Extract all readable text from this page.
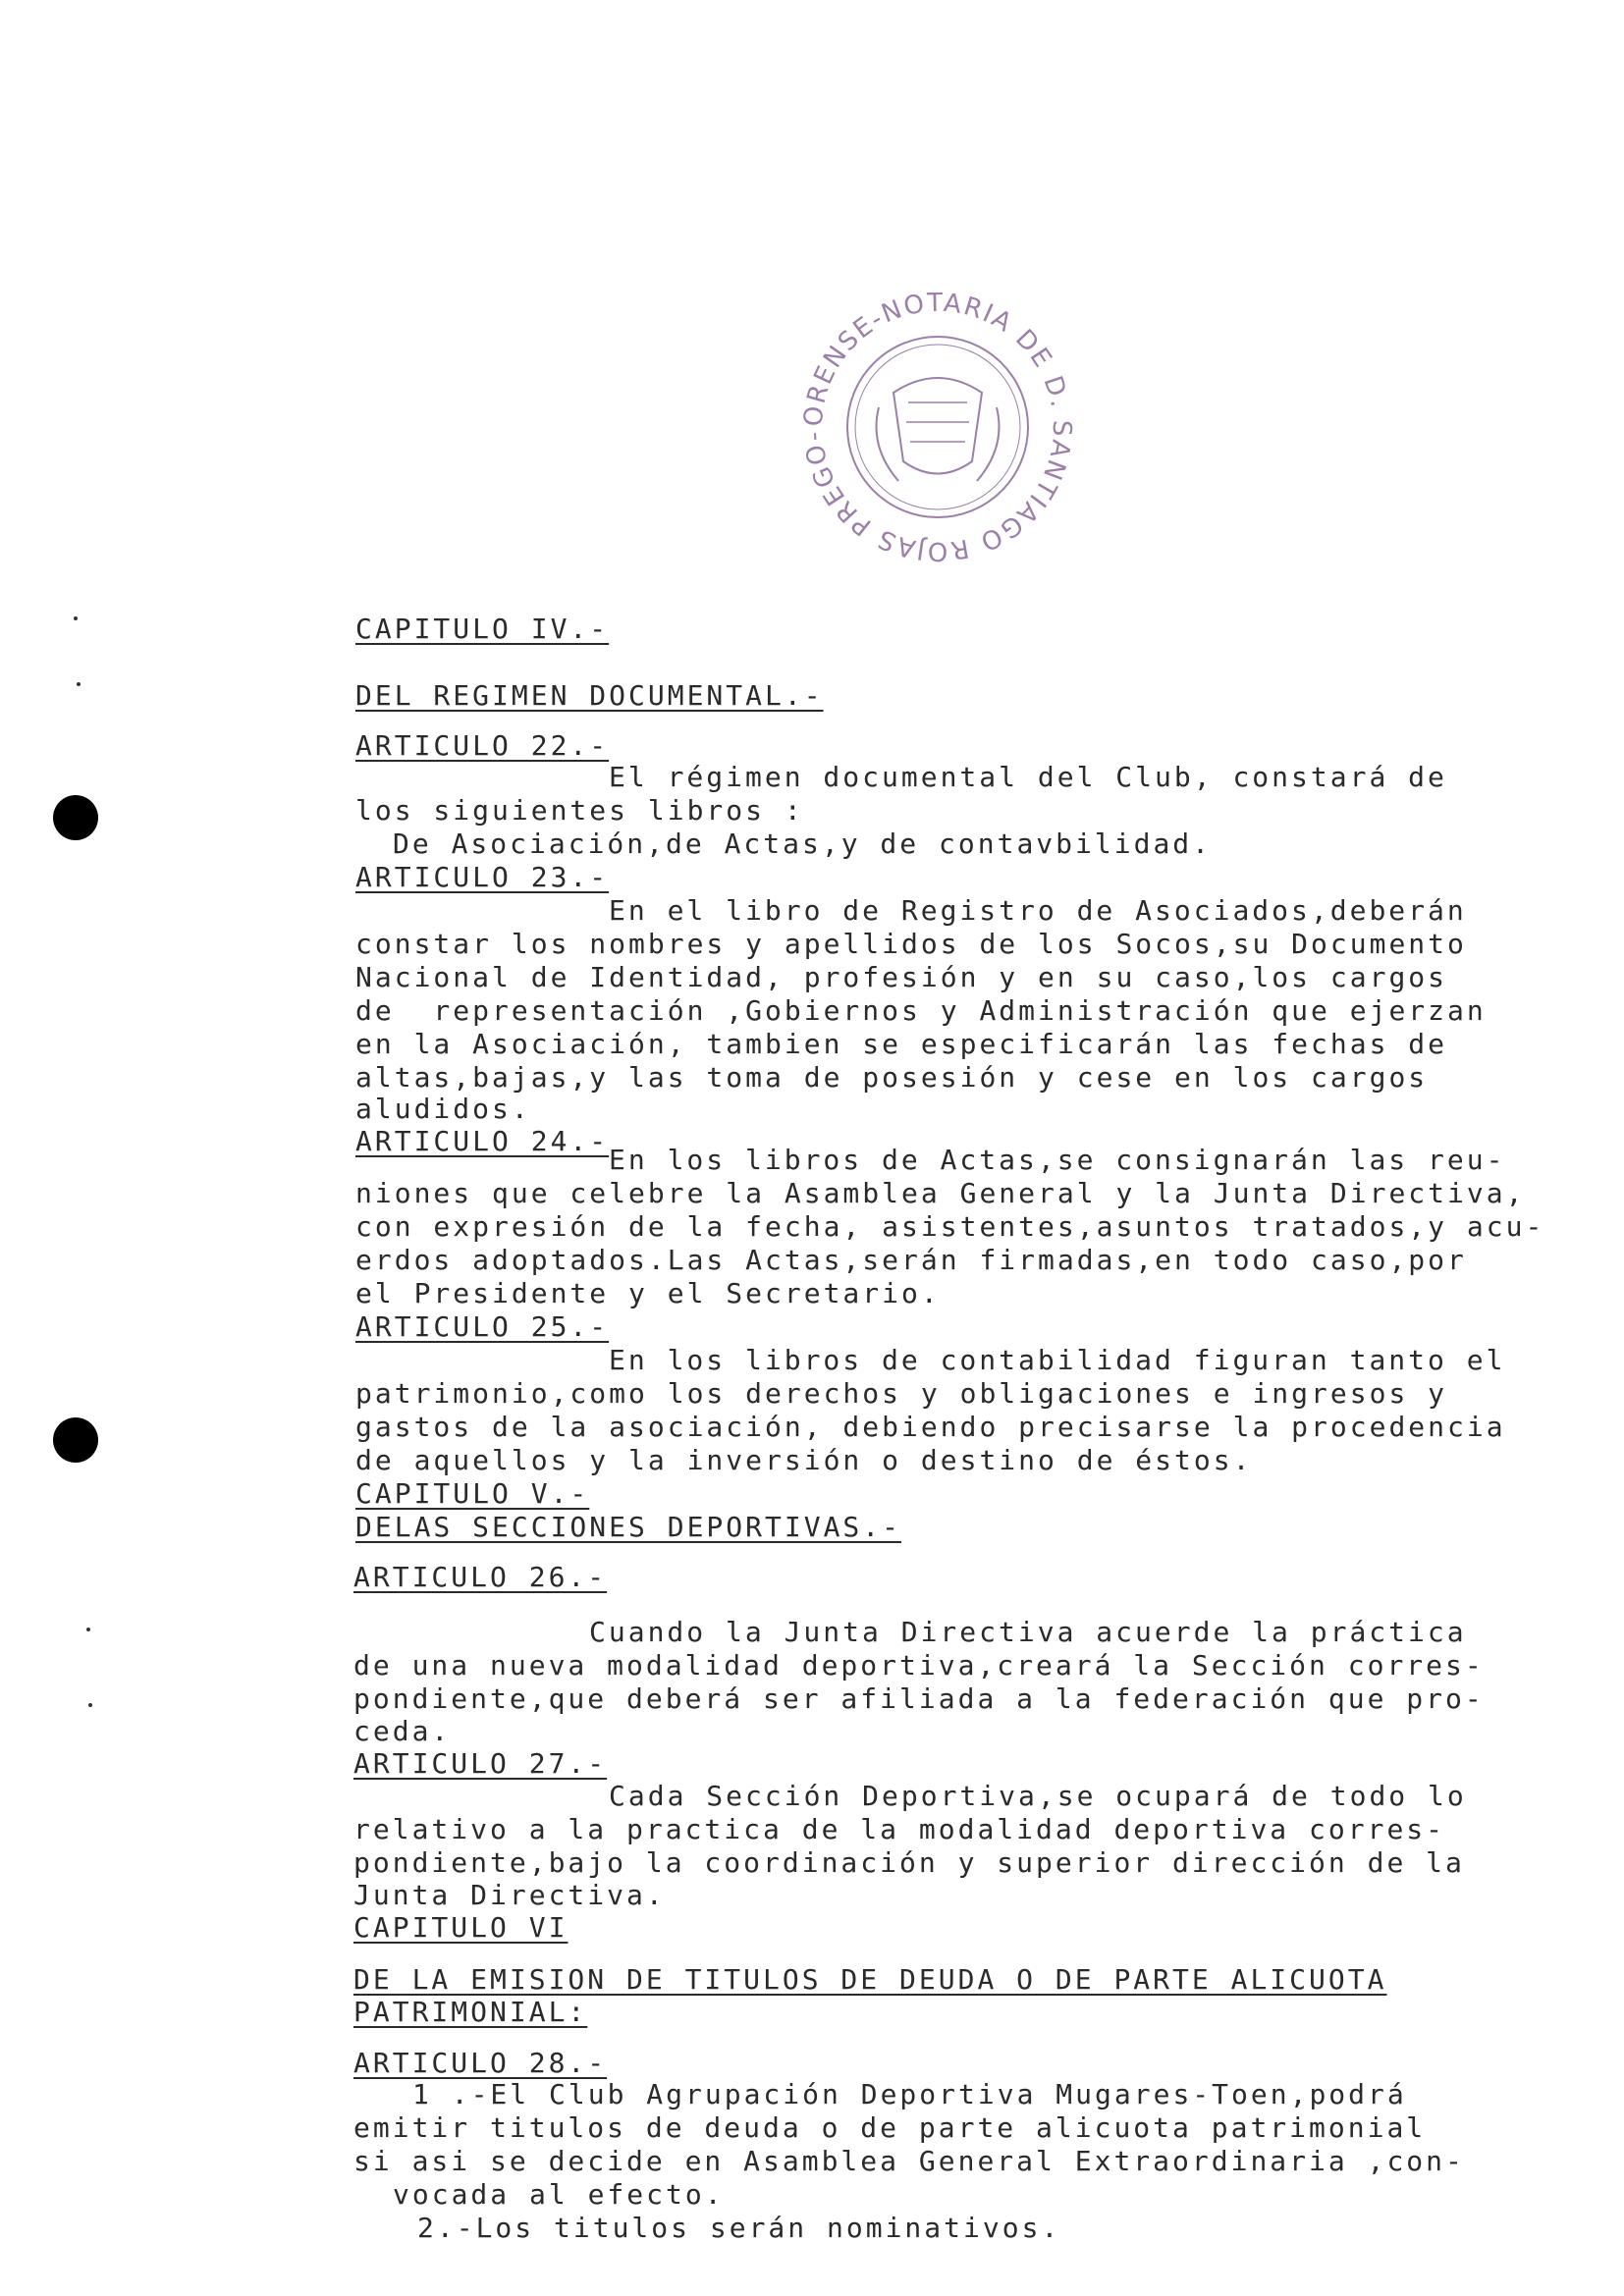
ORENSE-NOTARIA DE D. SANTIAGO ROJAS PREGO-
CAPITULO IV.-
DEL REGIMEN DOCUMENTAL.-
ARTICULO 22.-
El régimen documental del Club, constará de
los siguientes libros :
De Asociación,de Actas,y de contavbilidad.
ARTICULO 23.-
En el libro de Registro de Asociados,deberán
constar los nombres y apellidos de los Socos,su Documento
Nacional de Identidad, profesión y en su caso,los cargos
de  representación ,Gobiernos y Administración que ejerzan
en la Asociación, tambien se especificarán las fechas de
altas,bajas,y las toma de posesión y cese en los cargos
aludidos.
ARTICULO 24.-
En los libros de Actas,se consignarán las reu-
niones que celebre la Asamblea General y la Junta Directiva,
con expresión de la fecha, asistentes,asuntos tratados,y acu-
erdos adoptados.Las Actas,serán firmadas,en todo caso,por
el Presidente y el Secretario.
ARTICULO 25.-
En los libros de contabilidad figuran tanto el
patrimonio,como los derechos y obligaciones e ingresos y
gastos de la asociación, debiendo precisarse la procedencia
de aquellos y la inversión o destino de éstos.
CAPITULO V.-
DELAS SECCIONES DEPORTIVAS.-
ARTICULO 26.-
Cuando la Junta Directiva acuerde la práctica
de una nueva modalidad deportiva,creará la Sección corres-
pondiente,que deberá ser afiliada a la federación que pro-
ceda.
ARTICULO 27.-
Cada Sección Deportiva,se ocupará de todo lo
relativo a la practica de la modalidad deportiva corres-
pondiente,bajo la coordinación y superior dirección de la
Junta Directiva.
CAPITULO VI
DE LA EMISION DE TITULOS DE DEUDA O DE PARTE ALICUOTA
PATRIMONIAL:
ARTICULO 28.-
1 .-El Club Agrupación Deportiva Mugares-Toen,podrá
emitir titulos de deuda o de parte alicuota patrimonial
si asi se decide en Asamblea General Extraordinaria ,con-
vocada al efecto.
2.-Los titulos serán nominativos.
